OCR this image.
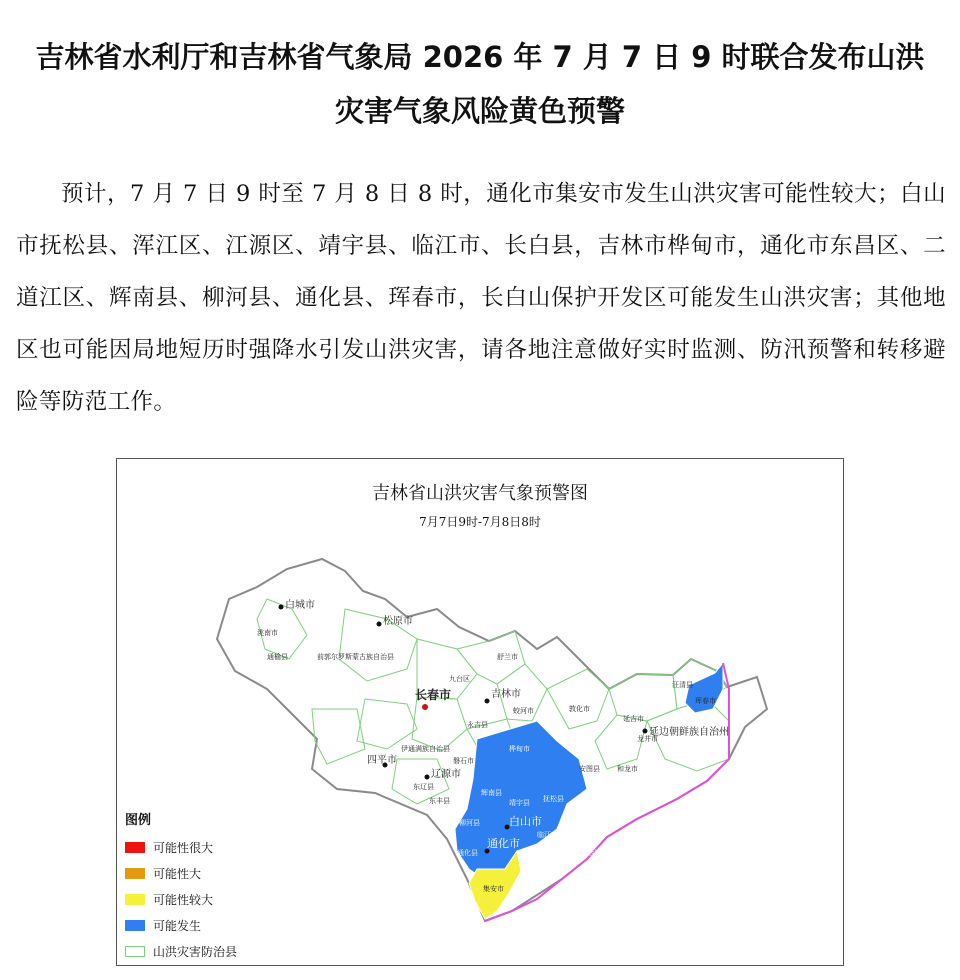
吉林省水利厅和吉林省气象局 2026 年 7 月 7 日 9 时联合发布山洪
灾害气象风险黄色预警
预计，7 月 7 日 9 时至 7 月 8 日 8 时，通化市集安市发生山洪灾害可能性较大；白山市抚松县、浑江区、江源区、靖宇县、临江市、长白县，吉林市桦甸市，通化市东昌区、二道江区、辉南县、柳河县、通化县、珲春市，长白山保护开发区可能发生山洪灾害；其他地区也可能因局地短历时强降水引发山洪灾害，请各地注意做好实时监测、防汛预警和转移避险等防范工作。
吉林省山洪灾害气象预警图
7月7日9时-7月8日8时
长春市	吉林市
松原市
白城市
四平市
辽源市
通化市
白山市
延边朝鲜族自治州
洮南市
前郭尔罗斯蒙古族自治县
九台区
舒兰市
蛟河市	敦化市
汪清县
珲春市
延吉市
龙井市
和龙市
安图县
桦甸市
磐石市
永吉县
辉南县
靖宇县 抚松县
柳河县
临江市
长白朝鲜族自治县
通化县
集安市
东丰县
东辽县
伊通满族自治县
通榆县
图例
可能性很大
可能性大
可能性较大
可能发生
山洪灾害防治县
